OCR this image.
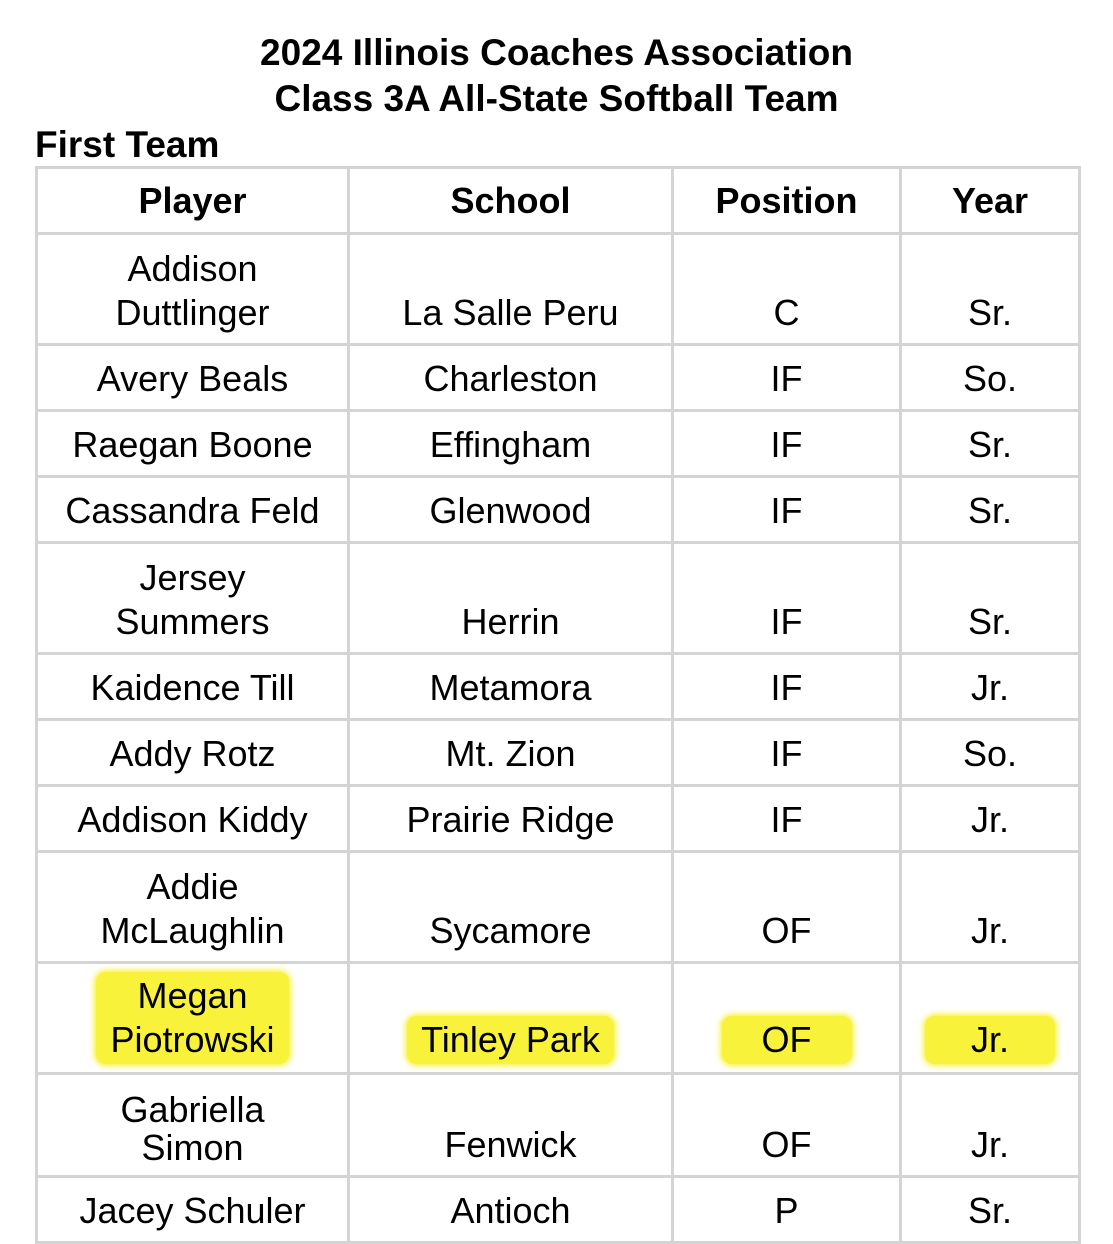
2024 Illinois Coaches Association
Class 3A All-State Softball Team
First Team
Player	School	Position	Year

Addison
Duttlinger	La Salle Peru	C	Sr.
Avery Beals	Charleston	IF	So.
Raegan Boone	Effingham	IF	Sr.
Cassandra Feld	Glenwood	IF	Sr.

Jersey
Summers	Herrin	IF	Sr.
Kaidence Till	Metamora	IF	Jr.
Addy Rotz	Mt. Zion	IF	So.
Addison Kiddy	Prairie Ridge	IF	Jr.

Addie
McLaughlin	Sycamore	OF	Jr.

Megan
Piotrowski	Tinley Park	OF	Jr.

Gabriella
Simon	Fenwick	OF	Jr.
Jacey Schuler	Antioch	P	Sr.
